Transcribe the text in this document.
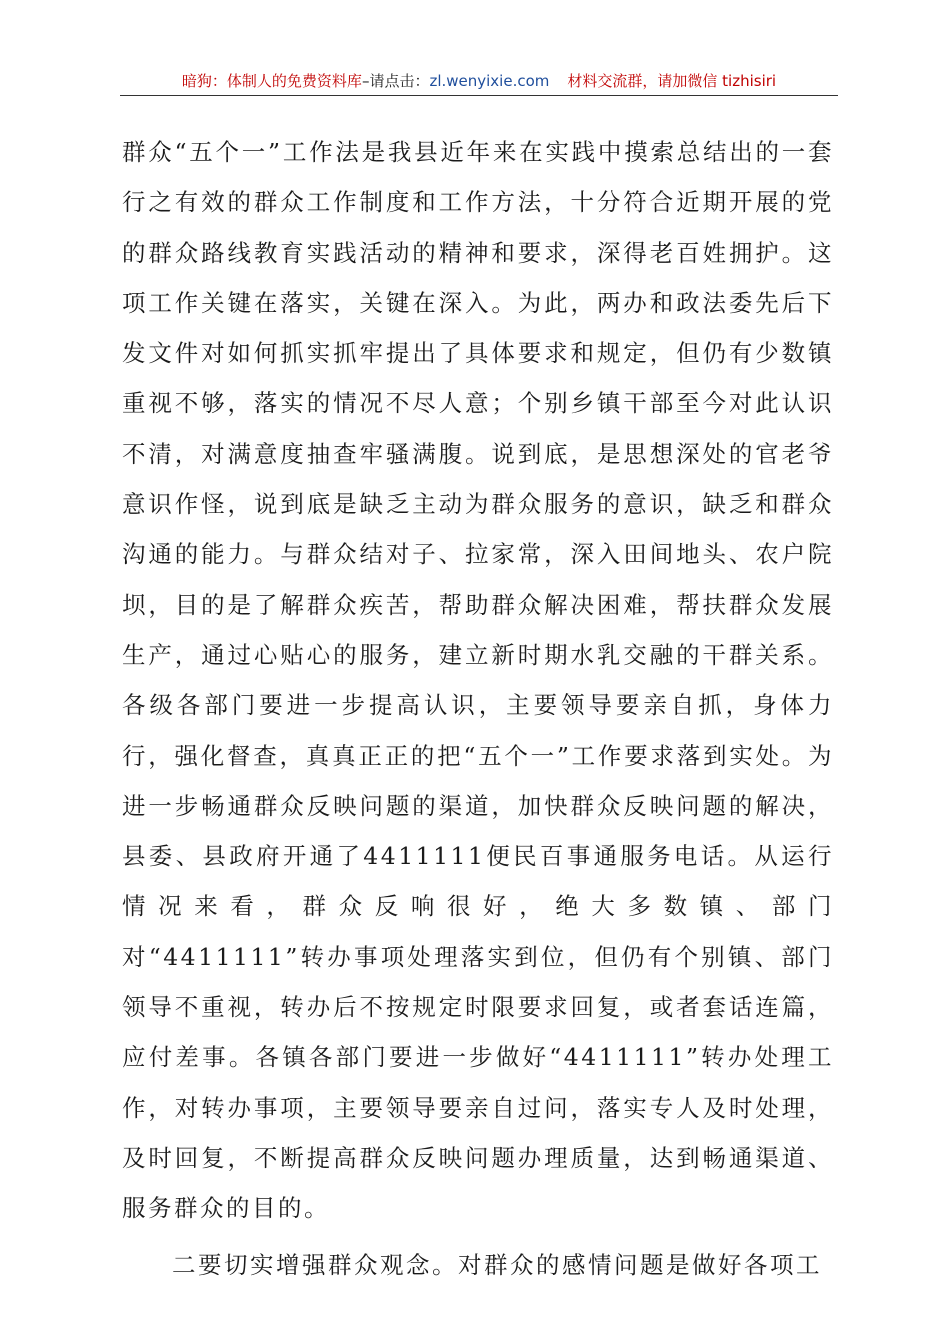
暗狗：体制人的免费资料库–请点击：zl.wenyixie.com 材料交流群，请加微信 tizhisiri

群众“五个一”工作法是我县近年来在实践中摸索总结出的一套行之有效的群众工作制度和工作方法，十分符合近期开展的党的群众路线教育实践活动的精神和要求，深得老百姓拥护。这项工作关键在落实，关键在深入。为此，两办和政法委先后下发文件对如何抓实抓牢提出了具体要求和规定，但仍有少数镇重视不够，落实的情况不尽人意；个别乡镇干部至今对此认识不清，对满意度抽查牢骚满腹。说到底，是思想深处的官老爷意识作怪，说到底是缺乏主动为群众服务的意识，缺乏和群众沟通的能力。与群众结对子、拉家常，深入田间地头、农户院坝，目的是了解群众疾苦，帮助群众解决困难，帮扶群众发展生产，通过心贴心的服务，建立新时期水乳交融的干群关系。各级各部门要进一步提高认识，主要领导要亲自抓，身体力行，强化督查，真真正正的把“五个一”工作要求落到实处。为进一步畅通群众反映问题的渠道，加快群众反映问题的解决，县委、县政府开通了4411111便民百事通服务电话。从运行情况来看，群众反响很好，绝大多数镇、部门对“4411111”转办事项处理落实到位，但仍有个别镇、部门领导不重视，转办后不按规定时限要求回复，或者套话连篇，应付差事。各镇各部门要进一步做好“4411111”转办处理工作，对转办事项，主要领导要亲自过问，落实专人及时处理，及时回复，不断提高群众反映问题办理质量，达到畅通渠道、服务群众的目的。

二要切实增强群众观念。对群众的感情问题是做好各项工
